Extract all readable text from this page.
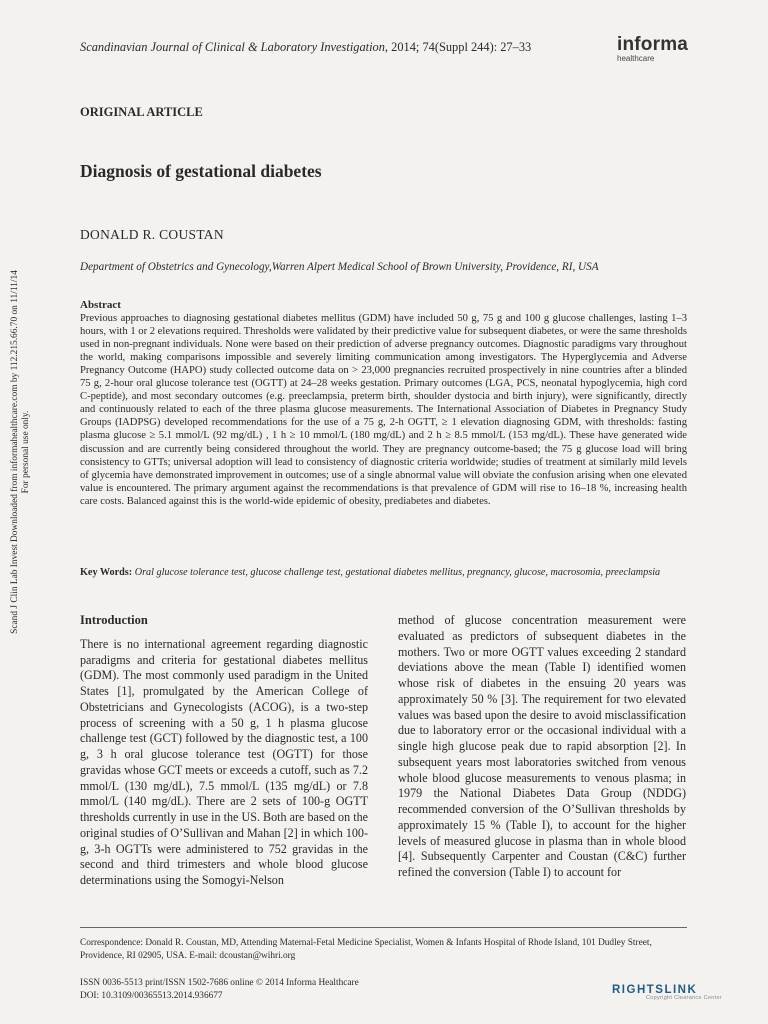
Scandinavian Journal of Clinical & Laboratory Investigation, 2014; 74(Suppl 244): 27–33	informa
healthcare
ORIGINAL ARTICLE
Diagnosis of gestational diabetes
DONALD R. COUSTAN
Department of Obstetrics and Gynecology,Warren Alpert Medical School of Brown University, Providence, RI, USA
Abstract
Previous approaches to diagnosing gestational diabetes mellitus (GDM) have included 50 g, 75 g and 100 g glucose challenges, lasting 1–3 hours, with 1 or 2 elevations required. Thresholds were validated by their predictive value for subsequent diabetes, or were the same thresholds used in non-pregnant individuals. None were based on their prediction of adverse pregnancy outcomes. Diagnostic paradigms vary throughout the world, making comparisons impossible and severely limiting communication among investigators. The Hyperglycemia and Adverse Pregnancy Outcome (HAPO) study collected outcome data on > 23,000 pregnancies recruited prospectively in nine countries after a blinded 75 g, 2-hour oral glucose tolerance test (OGTT) at 24–28 weeks gestation. Primary outcomes (LGA, PCS, neonatal hypoglycemia, high cord C-peptide), and most secondary outcomes (e.g. preeclampsia, preterm birth, shoulder dystocia and birth injury), were significantly, directly and continuously related to each of the three plasma glucose measurements. The International Association of Diabetes in Pregnancy Study Groups (IADPSG) developed recommendations for the use of a 75 g, 2-h OGTT, ≥ 1 elevation diagnosing GDM, with thresholds: fasting plasma glucose ≥ 5.1 mmol/L (92 mg/dL) , 1 h ≥ 10 mmol/L (180 mg/dL) and 2 h ≥ 8.5 mmol/L (153 mg/dL). These have generated wide discussion and are currently being considered throughout the world. They are pregnancy outcome-based; the 75 g glucose load will bring consistency to GTTs; universal adoption will lead to consistency of diagnostic criteria worldwide; studies of treatment at similarly mild levels of glycemia have demonstrated improvement in outcomes; use of a single abnormal value will obviate the confusion arising when one elevated value is encountered. The primary argument against the recommendations is that prevalence of GDM will rise to 16–18 %, increasing health care costs. Balanced against this is the world-wide epidemic of obesity, prediabetes and diabetes.
Key Words: Oral glucose tolerance test, glucose challenge test, gestational diabetes mellitus, pregnancy, glucose, macrosomia, preeclampsia
Introduction
There is no international agreement regarding diagnostic paradigms and criteria for gestational diabetes mellitus (GDM). The most commonly used paradigm in the United States [1], promulgated by the American College of Obstetricians and Gynecologists (ACOG), is a two-step process of screening with a 50 g, 1 h plasma glucose challenge test (GCT) followed by the diagnostic test, a 100 g, 3 h oral glucose tolerance test (OGTT) for those gravidas whose GCT meets or exceeds a cutoff, such as 7.2 mmol/L (130 mg/dL), 7.5 mmol/L (135 mg/dL) or 7.8 mmol/L (140 mg/dL). There are 2 sets of 100-g OGTT thresholds currently in use in the US. Both are based on the original studies of O’Sullivan and Mahan [2] in which 100-g, 3-h OGTTs were administered to 752 gravidas in the second and third trimesters and whole blood glucose determinations using the Somogyi-Nelson
method of glucose concentration measurement were evaluated as predictors of subsequent diabetes in the mothers. Two or more OGTT values exceeding 2 standard deviations above the mean (Table I) identified women whose risk of diabetes in the ensuing 20 years was approximately 50 % [3]. The requirement for two elevated values was based upon the desire to avoid misclassification due to laboratory error or the occasional individual with a single high glucose peak due to rapid absorption [2]. In subsequent years most laboratories switched from venous whole blood glucose measurements to venous plasma; in 1979 the National Diabetes Data Group (NDDG) recommended conversion of the O’Sullivan thresholds by approximately 15 % (Table I), to account for the higher levels of measured glucose in plasma than in whole blood [4]. Subsequently Carpenter and Coustan (C&C) further refined the conversion (Table I) to account for
Scand J Clin Lab Invest Downloaded from informahealthcare.com by 112.215.66.70 on 11/11/14 For personal use only.
Correspondence: Donald R. Coustan, MD, Attending Maternal-Fetal Medicine Specialist, Women & Infants Hospital of Rhode Island, 101 Dudley Street, Providence, RI 02905, USA. E-mail: dcoustan@wihri.org
ISSN 0036-5513 print/ISSN 1502-7686 online © 2014 Informa Healthcare
DOI: 10.3109/00365513.2014.936677	RIGHTSLINK
Copyright Clearance Center
